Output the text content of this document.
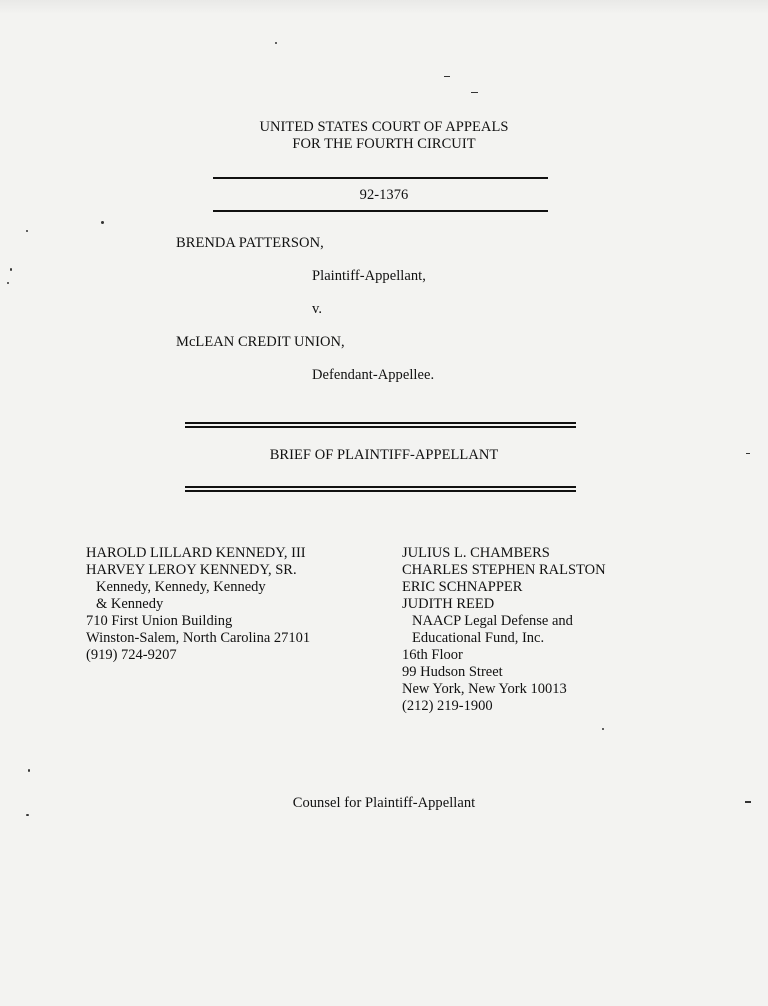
UNITED STATES COURT OF APPEALS
FOR THE FOURTH CIRCUIT
92-1376
BRENDA PATTERSON,
Plaintiff-Appellant,
v.
McLEAN CREDIT UNION,
Defendant-Appellee.
BRIEF OF PLAINTIFF-APPELLANT
HAROLD LILLARD KENNEDY, III
HARVEY LEROY KENNEDY, SR.
Kennedy, Kennedy, Kennedy
& Kennedy
710 First Union Building
Winston-Salem, North Carolina 27101
(919) 724-9207
JULIUS L. CHAMBERS
CHARLES STEPHEN RALSTON
ERIC SCHNAPPER
JUDITH REED
NAACP Legal Defense and
Educational Fund, Inc.
16th Floor
99 Hudson Street
New York, New York 10013
(212) 219-1900
Counsel for Plaintiff-Appellant
